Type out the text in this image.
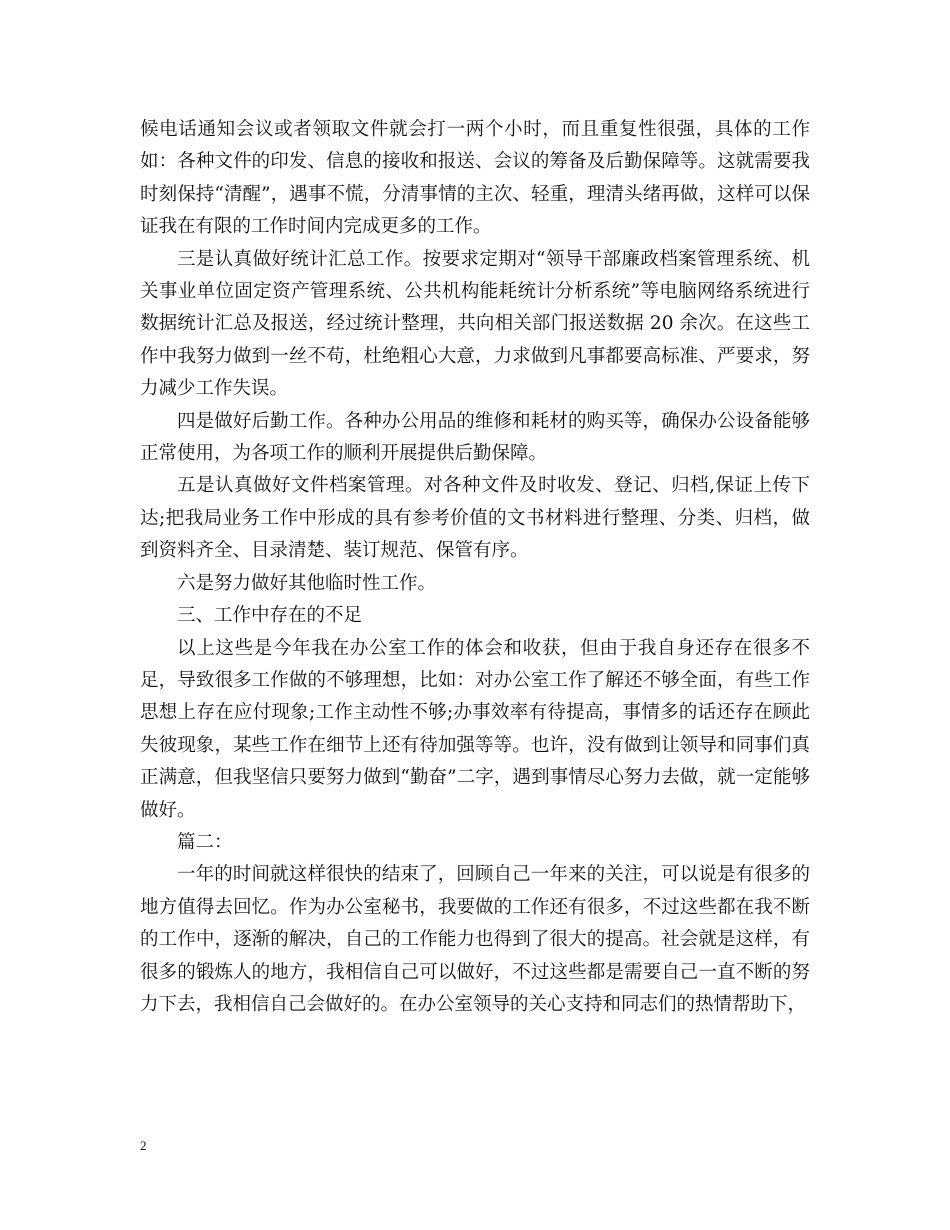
候电话通知会议或者领取文件就会打一两个小时，而且重复性很强，具体的工作如：各种文件的印发、信息的接收和报送、会议的筹备及后勤保障等。这就需要我时刻保持“清醒”，遇事不慌，分清事情的主次、轻重，理清头绪再做，这样可以保证我在有限的工作时间内完成更多的工作。

三是认真做好统计汇总工作。按要求定期对“领导干部廉政档案管理系统、机关事业单位固定资产管理系统、公共机构能耗统计分析系统”等电脑网络系统进行数据统计汇总及报送，经过统计整理，共向相关部门报送数据 20 余次。在这些工作中我努力做到一丝不苟，杜绝粗心大意，力求做到凡事都要高标准、严要求，努力减少工作失误。

四是做好后勤工作。各种办公用品的维修和耗材的购买等，确保办公设备能够正常使用，为各项工作的顺利开展提供后勤保障。

五是认真做好文件档案管理。对各种文件及时收发、登记、归档,保证上传下达;把我局业务工作中形成的具有参考价值的文书材料进行整理、分类、归档，做到资料齐全、目录清楚、装订规范、保管有序。

六是努力做好其他临时性工作。

三、工作中存在的不足

以上这些是今年我在办公室工作的体会和收获，但由于我自身还存在很多不足，导致很多工作做的不够理想，比如：对办公室工作了解还不够全面，有些工作思想上存在应付现象;工作主动性不够;办事效率有待提高，事情多的话还存在顾此失彼现象，某些工作在细节上还有待加强等等。也许，没有做到让领导和同事们真正满意，但我坚信只要努力做到“勤奋”二字，遇到事情尽心努力去做，就一定能够做好。

篇二：

一年的时间就这样很快的结束了，回顾自己一年来的关注，可以说是有很多的地方值得去回忆。作为办公室秘书，我要做的工作还有很多，不过这些都在我不断的工作中，逐渐的解决，自己的工作能力也得到了很大的提高。社会就是这样，有很多的锻炼人的地方，我相信自己可以做好，不过这些都是需要自己一直不断的努力下去，我相信自己会做好的。在办公室领导的关心支持和同志们的热情帮助下，

2
